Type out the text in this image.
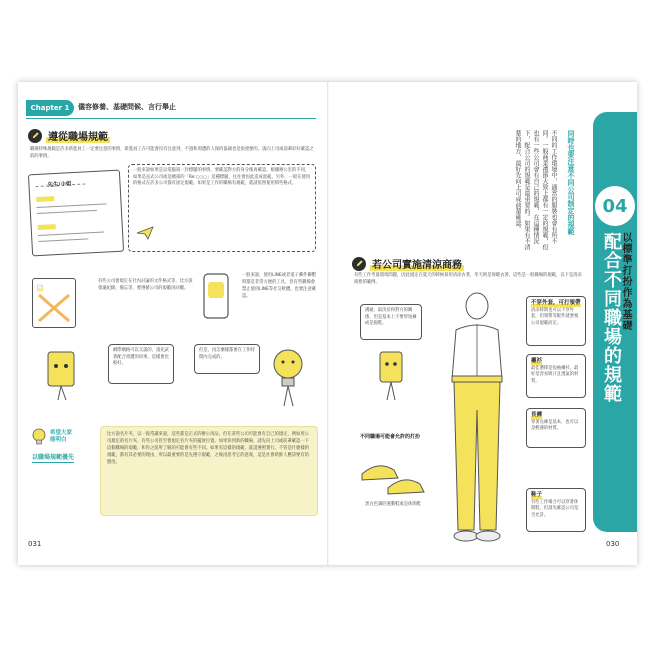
Chapter 1	儀容修養、基礎問候、言行舉止
遵從職場規範
職場特殊規範是許多新進員工一定要注意的事情，新進員工在可能會沒有注意到，不過和周遭的人保持協調也是很重要的。請向上司或前輩好好確認之前的事情。
先生/小姐
一般來說如果是以電腦寫一封標題的事情，要確認對方的身分後再確認。根據辦公室的不同，如果是直式公司或是總部的「Re:○○○」這種標題，往往會因此造成混亂。另外，一般在使用的格式在許多公司都有固定規範。如果是工作的職場有規範，就請依照使用那些格式。
📄
有些公司會規定在社內討論的文件格式等，比方說會議紀錄、備忘等，要遵循公司的規範再回覆。
一般來說，使用LINE或者電子郵件聯繫時都是非常方便的工具，但有些職場會禁止使用LINE等社交軟體，也要注意確認。
網際網路可以交談的，請先試著配合周遭的同事，這樣會比較好。
但是，再怎麼樣都要在工作時間內完成的。
希望大家
能明白
以職場規範優先
比方說名片夾，以一般常識來說，這些都是正式的辦公用品，但在某些公司可能會有自己的規定，例如用公司規定的名片夾，有些公司甚至會規定名片夾的擺放位置。如果你到新的職場，請先向上司或前輩確認一下這個職場的規範，和你之前所了解的可能會有些不同。如果有這樣的規範，就請遵照實行。不管是什麼樣的規範，都有其必要的理由，所以最重要的是先遵守規範，之後再思考它的意義，這是社會新鮮人應該要有的態度。
031
04
以標準打扮作為基礎
配合不同職場的規範
同時也要注意不同公司制定的規範
不同的工作環境中，適當的服裝也會有所不同。一般商業禮節大致上都有一定的規範，但也有一些公司會有自己的規範，在這種情況下，配合公司的規範是最重要的。如果有不清楚的地方，最好先向上司或前輩確認。
若公司實施清涼商務
有些工作考量環境問題，因此規定在夏天的時候採用清涼衣著，冬天則是保暖衣著。這些是一般職場的規範，以下是清涼商務的範例。
溝通、取決於和對方的關係，但是基本上不要穿短褲或是拖鞋。
不穿外套，可打領帶
清涼時期也可以不穿外套，但領帶等配件就要視公司規範而定。
襯衫
最佳選擇是短袖襯衫，最好是容易吸汗且透氣的材質。
長褲
穿著長褲是基本，也可以是輕薄的材質。
鞋子
有些工作場合可以穿著休閒鞋，但請先確認公司是否允許。
不同職場可能會允許的打扮
黑白色調的運動鞋或是休閒鞋
030
